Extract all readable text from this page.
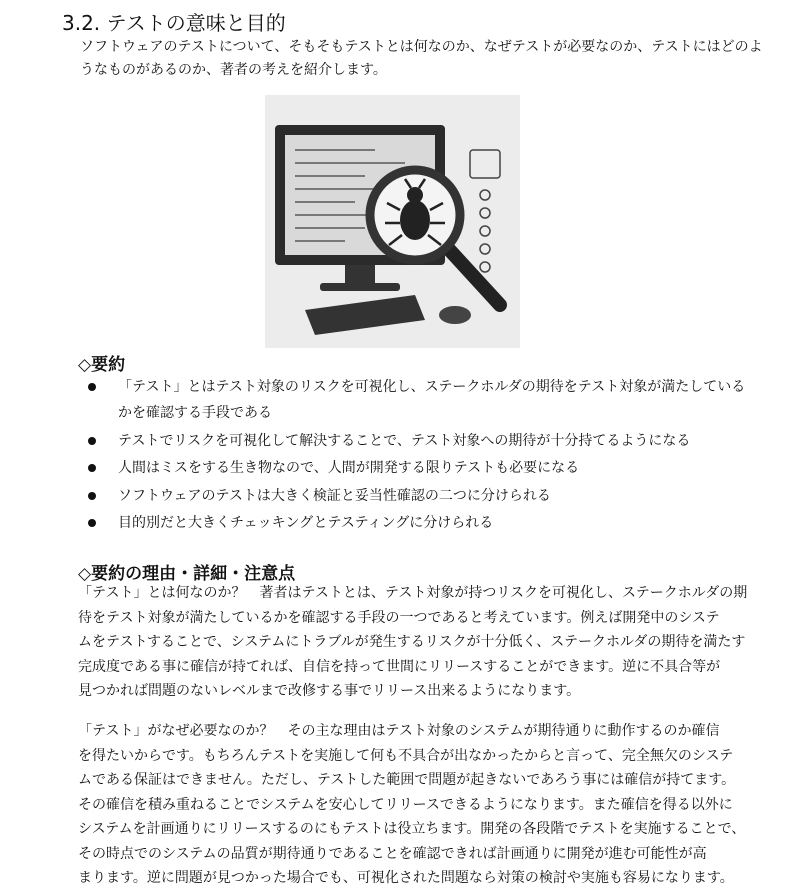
3.2. テストの意味と目的
ソフトウェアのテストについて、そもそもテストとは何なのか、なぜテストが必要なのか、テストにはどのよ
うなものがあるのか、著者の考えを紹介します。
◇要約
「テスト」とはテスト対象のリスクを可視化し、ステークホルダの期待をテスト対象が満たしている
かを確認する手段である
テストでリスクを可視化して解決することで、テスト対象への期待が十分持てるようになる
人間はミスをする生き物なので、人間が開発する限りテストも必要になる
ソフトウェアのテストは大きく検証と妥当性確認の二つに分けられる
目的別だと大きくチェッキングとテスティングに分けられる
◇要約の理由・詳細・注意点
「テスト」とは何なのか？　著者はテストとは、テスト対象が持つリスクを可視化し、ステークホルダの期
待をテスト対象が満たしているかを確認する手段の一つであると考えています。例えば開発中のシステ
ムをテストすることで、システムにトラブルが発生するリスクが十分低く、ステークホルダの期待を満たす
完成度である事に確信が持てれば、自信を持って世間にリリースすることができます。逆に不具合等が
見つかれば問題のないレベルまで改修する事でリリース出来るようになります。
「テスト」がなぜ必要なのか？　その主な理由はテスト対象のシステムが期待通りに動作するのか確信
を得たいからです。もちろんテストを実施して何も不具合が出なかったからと言って、完全無欠のシステ
ムである保証はできません。ただし、テストした範囲で問題が起きないであろう事には確信が持てます。
その確信を積み重ねることでシステムを安心してリリースできるようになります。また確信を得る以外に
システムを計画通りにリリースするのにもテストは役立ちます。開発の各段階でテストを実施することで、
その時点でのシステムの品質が期待通りであることを確認できれば計画通りに開発が進む可能性が高
まります。逆に問題が見つかった場合でも、可視化された問題なら対策の検討や実施も容易になります。
